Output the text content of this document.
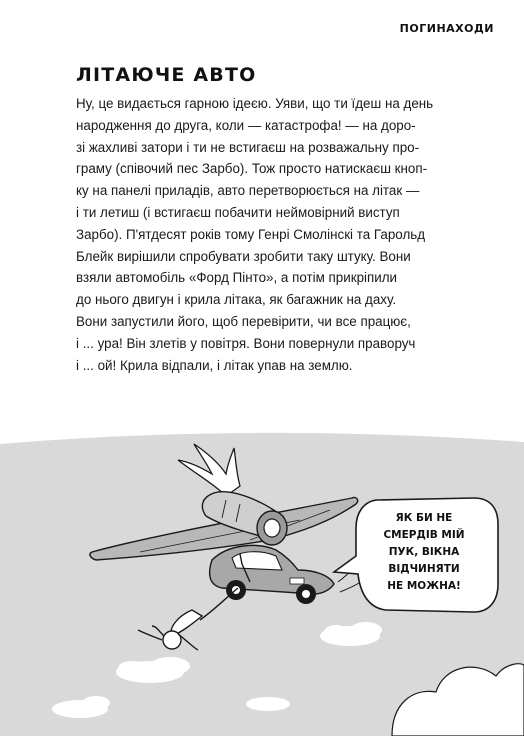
ПОГИНАХОДИ
ЛІТАЮЧЕ АВТО
Ну, це видається гарною ідеєю. Уяви, що ти їдеш на день
народження до друга, коли — катастрофа! — на доро-
зі жахливі затори і ти не встигаєш на розважальну про-
граму (співочий пес Зарбо). Тож просто натискаєш кноп-
ку на панелі приладів, авто перетворюється на літак —
і ти летиш (і встигаєш побачити неймовірний виступ
Зарбо). П'ятдесят років тому Генрі Смолінскі та Гарольд
Блейк вирішили спробувати зробити таку штуку. Вони
взяли автомобіль «Форд Пінто», а потім прикріпили
до нього двигун і крила літака, як багажник на даху.
Вони запустили його, щоб перевірити, чи все працює,
і ... ура! Він злетів у повітря. Вони повернули праворуч
і ... ой! Крила відпали, і літак упав на землю.
ЯК БИ НЕ
СМЕРДІВ МІЙ
ПУК, ВІКНА
ВІДЧИНЯТИ
НЕ МОЖНА!
